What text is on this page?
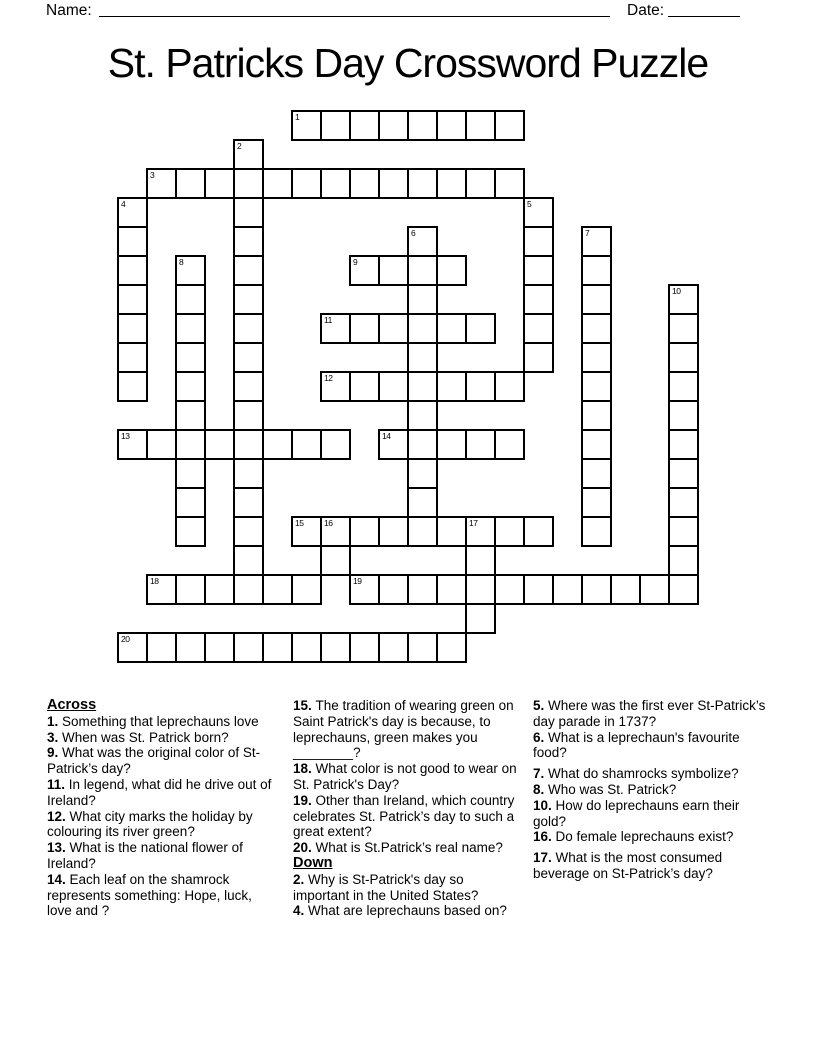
Name:	Date:
St. Patricks Day Crossword Puzzle
1
2
3
4	5
6	7
8	9
10
11
12
13	14
15 16	17
18	19
20

Across

1. Something that leprechauns love

3. When was St. Patrick born?

9. What was the original color of St-Patrick’s day?

11. In legend, what did he drive out of Ireland?

12. What city marks the holiday by colouring its river green?

13. What is the national flower of Ireland?

14. Each leaf on the shamrock represents something: Hope, luck, love and ?

15. The tradition of wearing green on Saint Patrick's day is because, to leprechauns, green makes you ________?

18. What color is not good to wear on St. Patrick's Day?

19. Other than Ireland, which country celebrates St. Patrick’s day to such a great extent?

20. What is St.Patrick’s real name?

Down

2. Why is St-Patrick's day so important in the United States?

4. What are leprechauns based on?

5. Where was the first ever St-Patrick’s day parade in 1737?

6. What is a leprechaun's favourite food?

7. What do shamrocks symbolize?

8. Who was St. Patrick?

10. How do leprechauns earn their gold?

16. Do female leprechauns exist?

17. What is the most consumed beverage on St-Patrick’s day?
